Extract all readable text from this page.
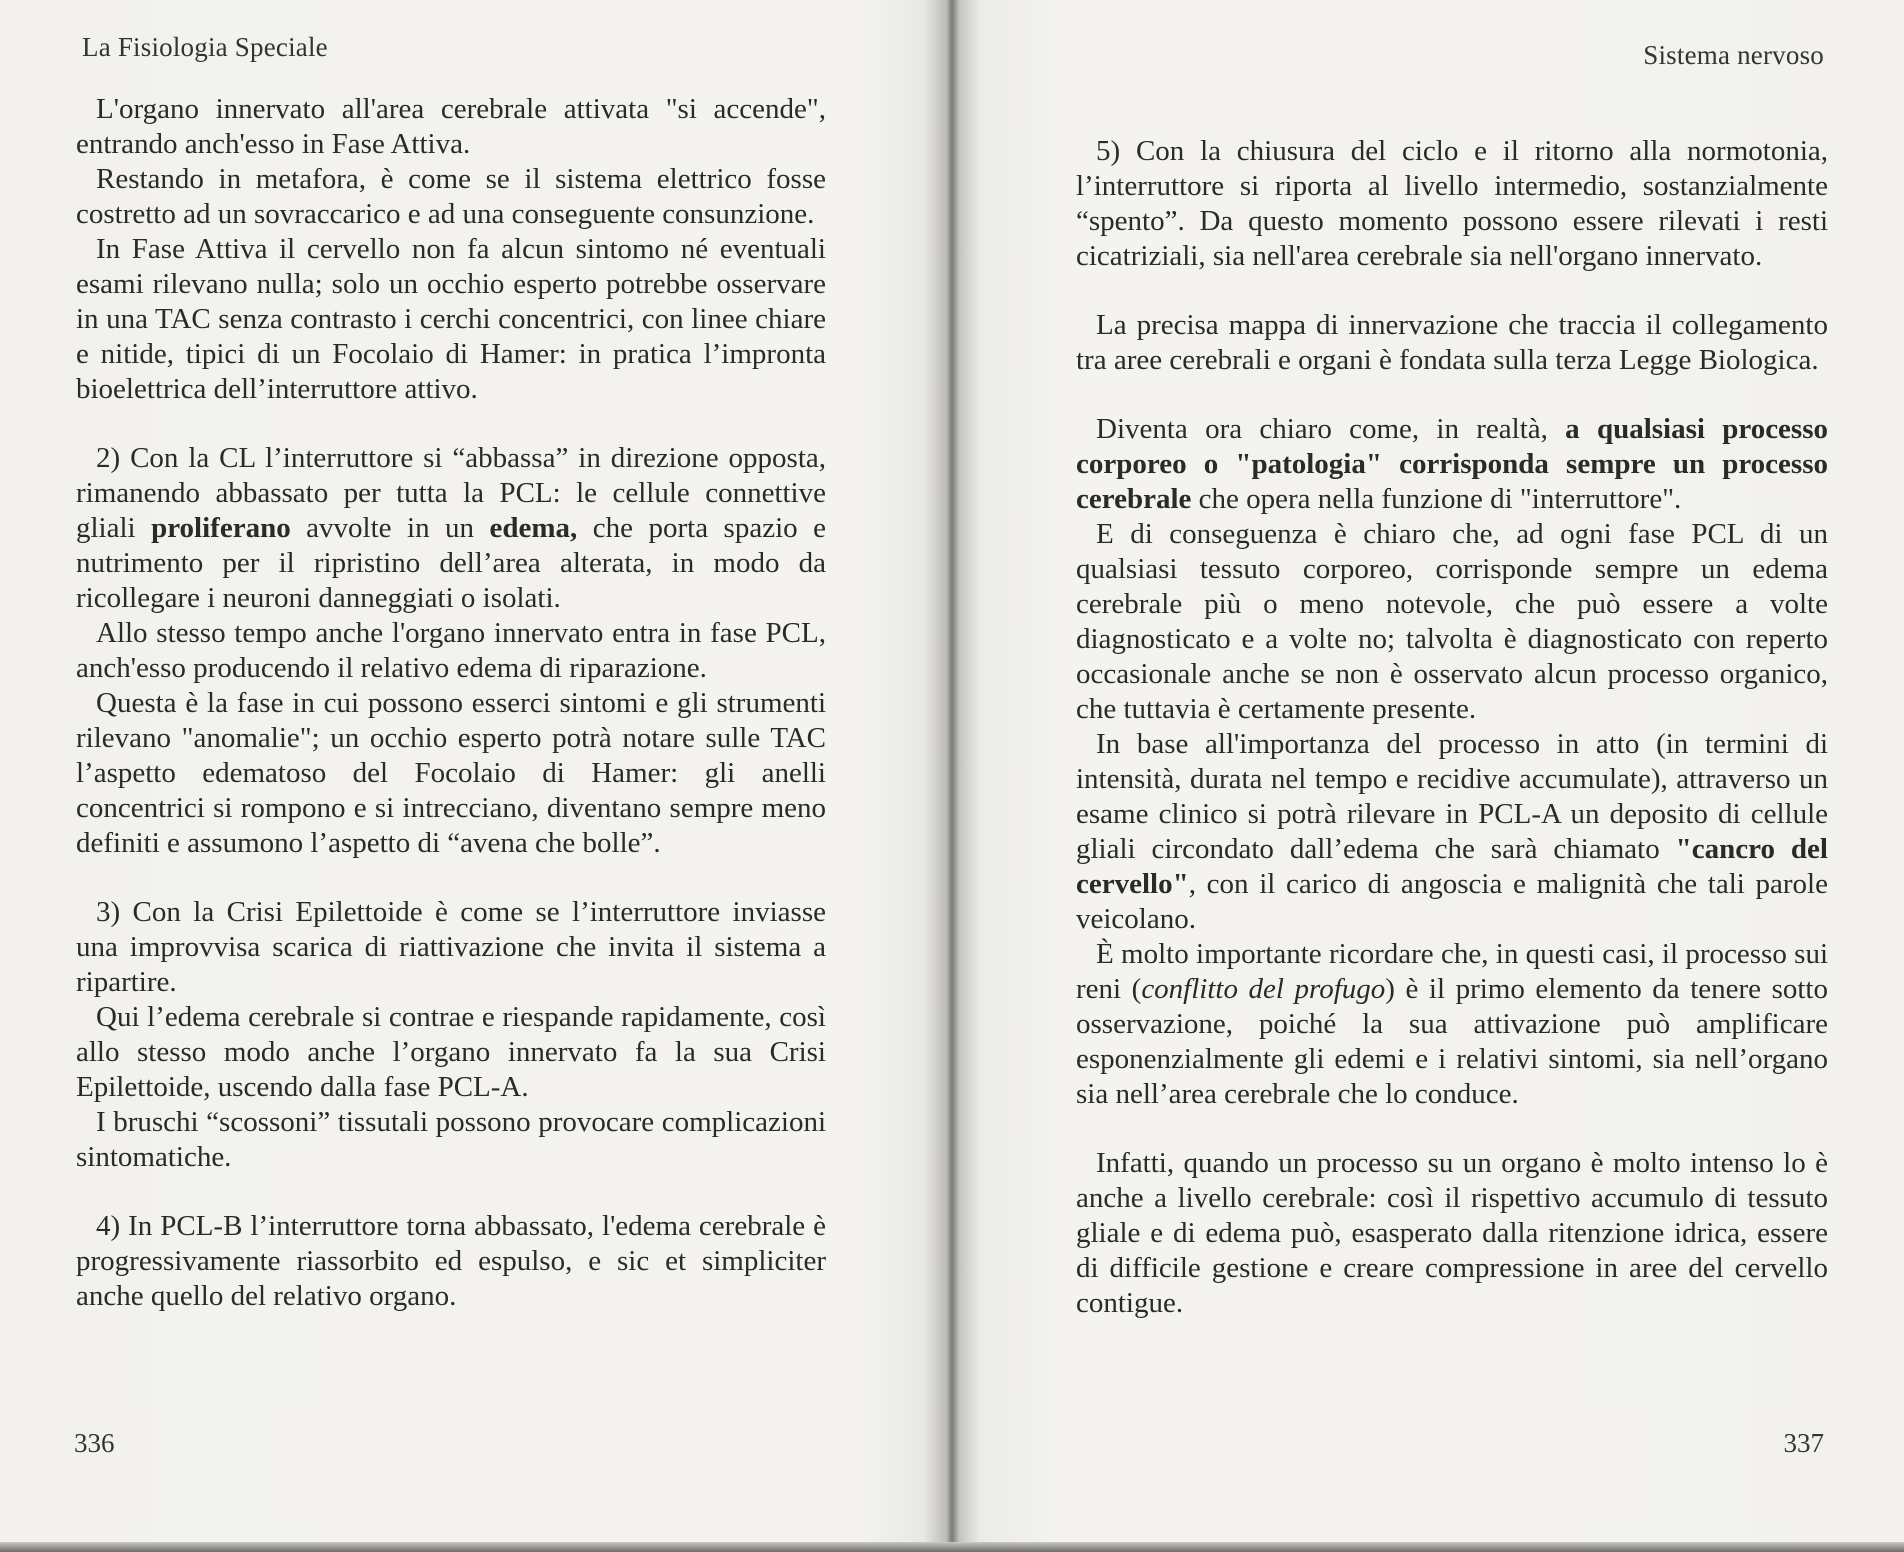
La Fisiologia Speciale

L'organo innervato all'area cerebrale attivata "si accende", entrando anch'esso in Fase Attiva.

Restando in metafora, è come se il sistema elettrico fosse costretto ad un sovraccarico e ad una conseguente consunzione.

In Fase Attiva il cervello non fa alcun sintomo né eventuali esami rilevano nulla; solo un occhio esperto potrebbe osservare in una TAC senza contrasto i cerchi concentrici, con linee chiare e nitide, tipici di un Focolaio di Hamer: in pratica l’impronta bioelettrica dell’interruttore attivo.

2) Con la CL l’interruttore si “abbassa” in direzione opposta, rimanendo abbassato per tutta la PCL: le cellule connettive gliali proliferano avvolte in un edema, che porta spazio e nutrimento per il ripristino dell’area alterata, in modo da ricollegare i neuroni danneggiati o isolati.

Allo stesso tempo anche l'organo innervato entra in fase PCL, anch'esso producendo il relativo edema di riparazione.

Questa è la fase in cui possono esserci sintomi e gli strumenti rilevano "anomalie"; un occhio esperto potrà notare sulle TAC l’aspetto edematoso del Focolaio di Hamer: gli anelli concentrici si rompono e si intrecciano, diventano sempre meno definiti e assumono l’aspetto di “avena che bolle”.

3) Con la Crisi Epilettoide è come se l’interruttore inviasse una improvvisa scarica di riattivazione che invita il sistema a ripartire.

Qui l’edema cerebrale si contrae e riespande rapidamente, così allo stesso modo anche l’organo innervato fa la sua Crisi Epilettoide, uscendo dalla fase PCL-A.

I bruschi “scossoni” tissutali possono provocare complicazioni sintomatiche.

4) In PCL-B l’interruttore torna abbassato, l'edema cerebrale è progressivamente riassorbito ed espulso, e sic et simpliciter anche quello del relativo organo.

336
Sistema nervoso

5) Con la chiusura del ciclo e il ritorno alla normotonia, l’interruttore si riporta al livello intermedio, sostanzialmente “spento”. Da questo momento possono essere rilevati i resti cicatriziali, sia nell'area cerebrale sia nell'organo innervato.

La precisa mappa di innervazione che traccia il collegamento tra aree cerebrali e organi è fondata sulla terza Legge Biologica.

Diventa ora chiaro come, in realtà, a qualsiasi processo corporeo o "patologia" corrisponda sempre un processo cerebrale che opera nella funzione di "interruttore".

E di conseguenza è chiaro che, ad ogni fase PCL di un qualsiasi tessuto corporeo, corrisponde sempre un edema cerebrale più o meno notevole, che può essere a volte diagnosticato e a volte no; talvolta è diagnosticato con reperto occasionale anche se non è osservato alcun processo organico, che tuttavia è certamente presente.

In base all'importanza del processo in atto (in termini di intensità, durata nel tempo e recidive accumulate), attraverso un esame clinico si potrà rilevare in PCL-A un deposito di cellule gliali circondato dall’edema che sarà chiamato "cancro del cervello", con il carico di angoscia e malignità che tali parole veicolano.

È molto importante ricordare che, in questi casi, il processo sui reni (conflitto del profugo) è il primo elemento da tenere sotto osservazione, poiché la sua attivazione può amplificare esponenzialmente gli edemi e i relativi sintomi, sia nell’organo sia nell’area cerebrale che lo conduce.

Infatti, quando un processo su un organo è molto intenso lo è anche a livello cerebrale: così il rispettivo accumulo di tessuto gliale e di edema può, esasperato dalla ritenzione idrica, essere di difficile gestione e creare compressione in aree del cervello contigue.

337
